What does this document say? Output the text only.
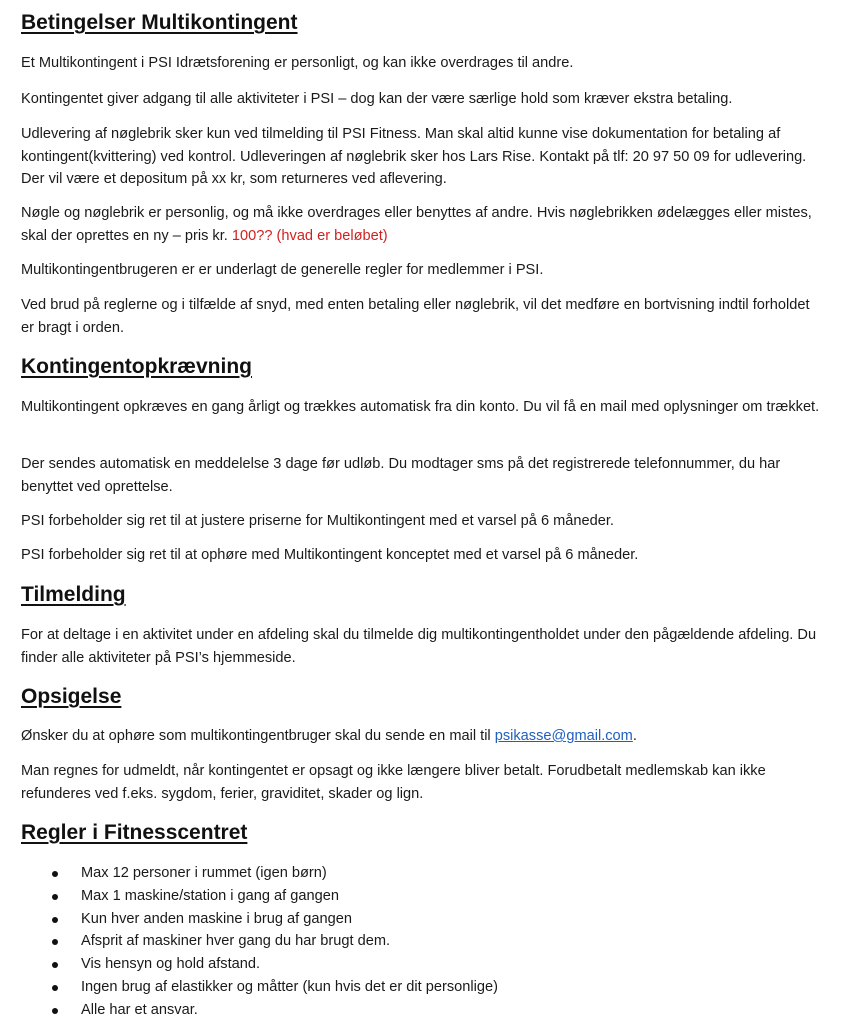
Betingelser Multikontingent

Et Multikontingent i PSI Idrætsforening er personligt, og kan ikke overdrages til andre.

Kontingentet giver adgang til alle aktiviteter i PSI – dog kan der være særlige hold som kræver ekstra betaling.

Udlevering af nøglebrik sker kun ved tilmelding til PSI Fitness. Man skal altid kunne vise dokumentation for betaling af kontingent(kvittering) ved kontrol. Udleveringen af nøglebrik sker hos Lars Rise. Kontakt på tlf: 20 97 50 09 for udlevering. Der vil være et depositum på xx kr, som returneres ved aflevering.

Nøgle og nøglebrik er personlig, og må ikke overdrages eller benyttes af andre. Hvis nøglebrikken ødelægges eller mistes, skal der oprettes en ny – pris kr. 100?? (hvad er beløbet)

Multikontingentbrugeren er er underlagt de generelle regler for medlemmer i PSI.

Ved brud på reglerne og i tilfælde af snyd, med enten betaling eller nøglebrik, vil det medføre en bortvisning indtil forholdet er bragt i orden.

Kontingentopkrævning

Multikontingent opkræves en gang årligt og trækkes automatisk fra din konto. Du vil få en mail med oplysninger om trækket.

Der sendes automatisk en meddelelse 3 dage før udløb. Du modtager sms på det registrerede telefonnummer, du har benyttet ved oprettelse.

PSI forbeholder sig ret til at justere priserne for Multikontingent med et varsel på 6 måneder.

PSI forbeholder sig ret til at ophøre med Multikontingent konceptet med et varsel på 6 måneder.

Tilmelding

For at deltage i en aktivitet under en afdeling skal du tilmelde dig multikontingentholdet under den pågældende afdeling. Du finder alle aktiviteter på PSI’s hjemmeside.

Opsigelse

Ønsker du at ophøre som multikontingentbruger skal du sende en mail til psikasse@gmail.com.

Man regnes for udmeldt, når kontingentet er opsagt og ikke længere bliver betalt. Forudbetalt medlemskab kan ikke refunderes ved f.eks. sygdom, ferier, graviditet, skader og lign.

Regler i Fitnesscentret
Max 12 personer i rummet (igen børn)
Max 1 maskine/station i gang af gangen
Kun hver anden maskine i brug af gangen
Afsprit af maskiner hver gang du har brugt dem.
Vis hensyn og hold afstand.
Ingen brug af elastikker og måtter (kun hvis det er dit personlige)
Alle har et ansvar.
